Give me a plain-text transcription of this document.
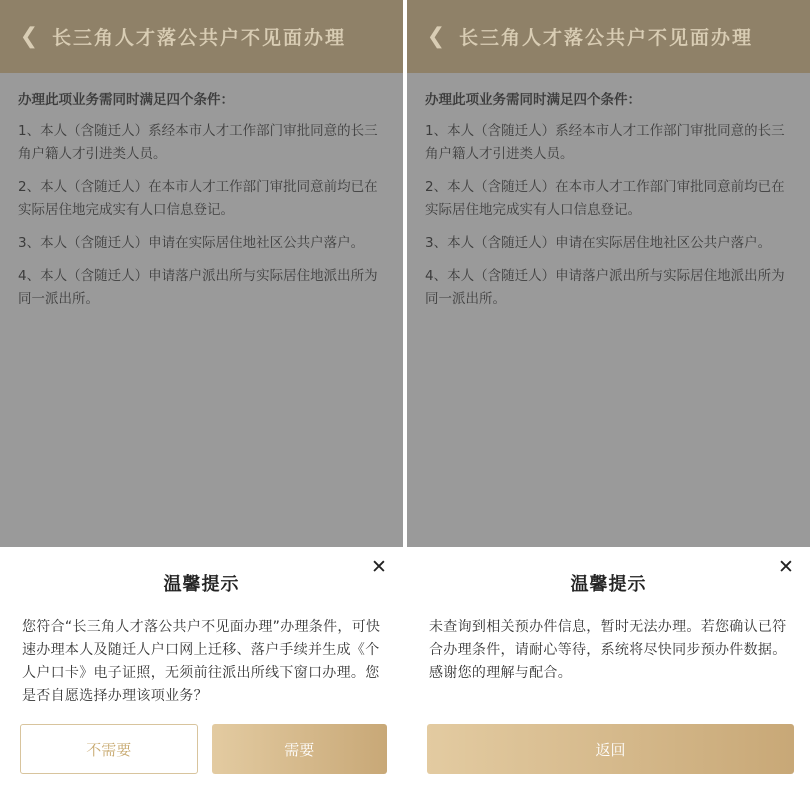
❮ 长三角人才落公共户不见面办理
办理此项业务需同时满足四个条件：
1、本人（含随迁人）系经本市人才工作部门审批同意的长三角户籍人才引进类人员。
2、本人（含随迁人）在本市人才工作部门审批同意前均已在实际居住地完成实有人口信息登记。
3、本人（含随迁人）申请在实际居住地社区公共户落户。
4、本人（含随迁人）申请落户派出所与实际居住地派出所为同一派出所。
✕
温馨提示
您符合“长三角人才落公共户不见面办理”办理条件，可快速办理本人及随迁人户口网上迁移、落户手续并生成《个人户口卡》电子证照，无须前往派出所线下窗口办理。您是否自愿选择办理该项业务？
不需要	需要
❮ 长三角人才落公共户不见面办理
办理此项业务需同时满足四个条件：
1、本人（含随迁人）系经本市人才工作部门审批同意的长三角户籍人才引进类人员。
2、本人（含随迁人）在本市人才工作部门审批同意前均已在实际居住地完成实有人口信息登记。
3、本人（含随迁人）申请在实际居住地社区公共户落户。
4、本人（含随迁人）申请落户派出所与实际居住地派出所为同一派出所。
✕
温馨提示
未查询到相关预办件信息，暂时无法办理。若您确认已符合办理条件，请耐心等待，系统将尽快同步预办件数据。感谢您的理解与配合。
返回
